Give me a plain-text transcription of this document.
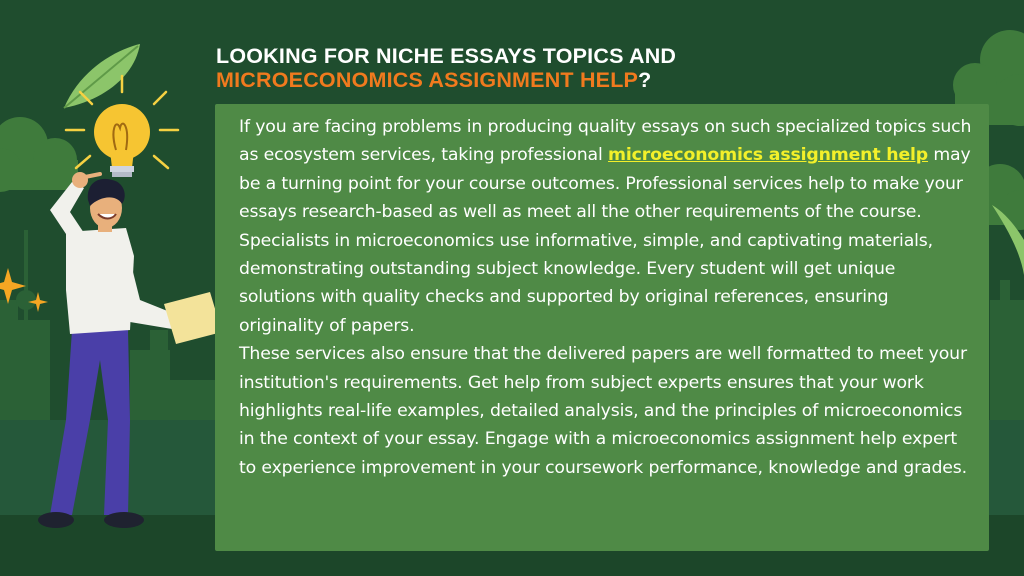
LOOKING FOR NICHE ESSAYS TOPICS AND
MICROECONOMICS ASSIGNMENT HELP?

If you are facing problems in producing quality essays on such specialized topics such as ecosystem services, taking professional microeconomics assignment help may be a turning point for your course outcomes. Professional services help to make your essays research-based as well as meet all the other requirements of the course. Specialists in microeconomics use informative, simple, and captivating materials, demonstrating outstanding subject knowledge. Every student will get unique solutions with quality checks and supported by original references, ensuring originality of papers.

These services also ensure that the delivered papers are well formatted to meet your institution's requirements. Get help from subject experts ensures that your work highlights real-life examples, detailed analysis, and the principles of microeconomics in the context of your essay. Engage with a microeconomics assignment help expert to experience improvement in your coursework performance, knowledge and grades.
